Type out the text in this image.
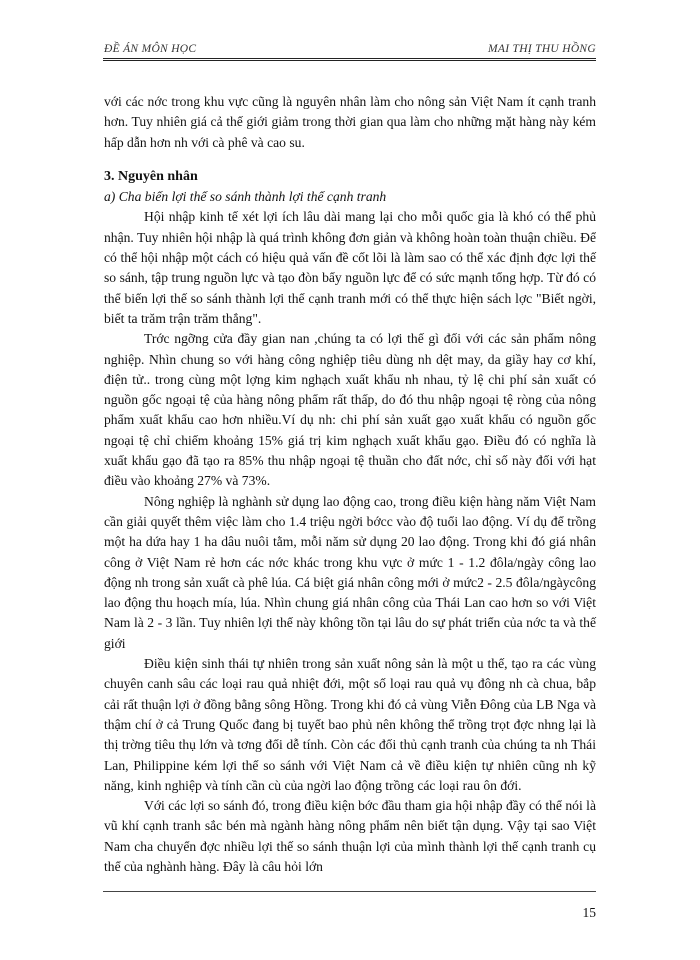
ĐỀ ÁN MÔN HỌC	MAI THỊ THU HỒNG

với các nớc trong khu vực cũng là nguyên nhân làm cho nông sản Việt Nam ít cạnh tranh hơn. Tuy nhiên giá cả thế giới giảm trong thời gian qua làm cho những mặt hàng này kém hấp dẫn hơn nh với cà phê và cao su.

3. Nguyên nhân

a) Cha biến lợi thế so sánh thành lợi thế cạnh tranh

Hội nhập kinh tế xét lợi ích lâu dài mang lại cho mỗi quốc gia là khó có thể phủ nhận. Tuy nhiên hội nhập là quá trình không đơn giản và không hoàn toàn thuận chiều. Để có thể hội nhập một cách có hiệu quả vấn đề cốt lõi là làm sao có thể xác định đợc lợi thế so sánh, tập trung nguồn lực và tạo đòn bẩy nguồn lực để có sức mạnh tổng hợp. Từ đó có thể biến lợi thế so sánh thành lợi thế cạnh tranh mới có thể thực hiện sách lợc "Biết ngời, biết ta trăm trận trăm thắng".

Trớc ngỡng cửa đầy gian nan ,chúng ta có lợi thế gì đối với các sản phẩm nông nghiệp. Nhìn chung so với hàng công nghiệp tiêu dùng nh dệt may, da giầy hay cơ khí, điện tử.. trong cùng một lợng kim nghạch xuất khẩu nh nhau, tỷ lệ chi phí sản xuất có nguồn gốc ngoại tệ của hàng nông phẩm rất thấp, do đó thu nhập ngoại tệ ròng của nông phẩm xuất khẩu cao hơn nhiều.Ví dụ nh: chi phí sản xuất gạo xuất khẩu có nguồn gốc ngoại tệ chỉ chiếm khoảng 15% giá trị kim nghạch xuất khẩu gạo. Điều đó có nghĩa là xuất khẩu gạo đã tạo ra 85% thu nhập ngoại tệ thuần cho đất nớc, chỉ số này đối với hạt điều vào khoảng 27% và 73%.

Nông nghiệp là nghành sử dụng lao động cao, trong điều kiện hàng năm Việt Nam cần giải quyết thêm việc làm cho 1.4 triệu ngời bớcc vào độ tuổi lao động. Ví dụ để trồng một ha dứa hay 1 ha dâu nuôi tằm, mỗi năm sử dụng 20 lao động. Trong khi đó giá nhân công ở Việt Nam rẻ hơn các nớc khác trong khu vực ở mức 1 - 1.2 đôla/ngày công lao động nh trong sản xuất cà phê lúa. Cá biệt giá nhân công mới ở mức2 - 2.5 đôla/ngàycông lao động thu hoạch mía, lúa. Nhìn chung giá nhân công của Thái Lan cao hơn so với Việt Nam là 2 - 3 lần. Tuy nhiên lợi thế này không tồn tại lâu do sự phát triển của nớc ta và thế giới

Điều kiện sinh thái tự nhiên trong sản xuất nông sản là một u thế, tạo ra các vùng chuyên canh sâu các loại rau quả nhiệt đới, một số loại rau quả vụ đông nh cà chua, bắp cải rất thuận lợi ở đồng bằng sông Hồng. Trong khi đó cả vùng Viễn Đông của LB Nga và thậm chí ở cả Trung Quốc đang bị tuyết bao phủ nên không thể trồng trọt đợc nhng lại là thị trờng tiêu thụ lớn và tơng đối dễ tính. Còn các đối thủ cạnh tranh của chúng ta nh Thái Lan, Philippine kém lợi thế so sánh với Việt Nam cả về điều kiện tự nhiên cũng nh kỹ năng, kinh nghiệp và tính cần cù của ngời lao động trồng các loại rau ôn đới.

Với các lợi so sánh đó, trong điều kiện bớc đầu tham gia hội nhập đầy có thể nói là vũ khí cạnh tranh sắc bén mà ngành hàng nông phẩm nên biết tận dụng. Vậy tại sao Việt Nam cha chuyển đợc nhiều lợi thế so sánh thuận lợi của mình thành lợi thế cạnh tranh cụ thể của nghành hàng. Đây là câu hỏi lớn

15
